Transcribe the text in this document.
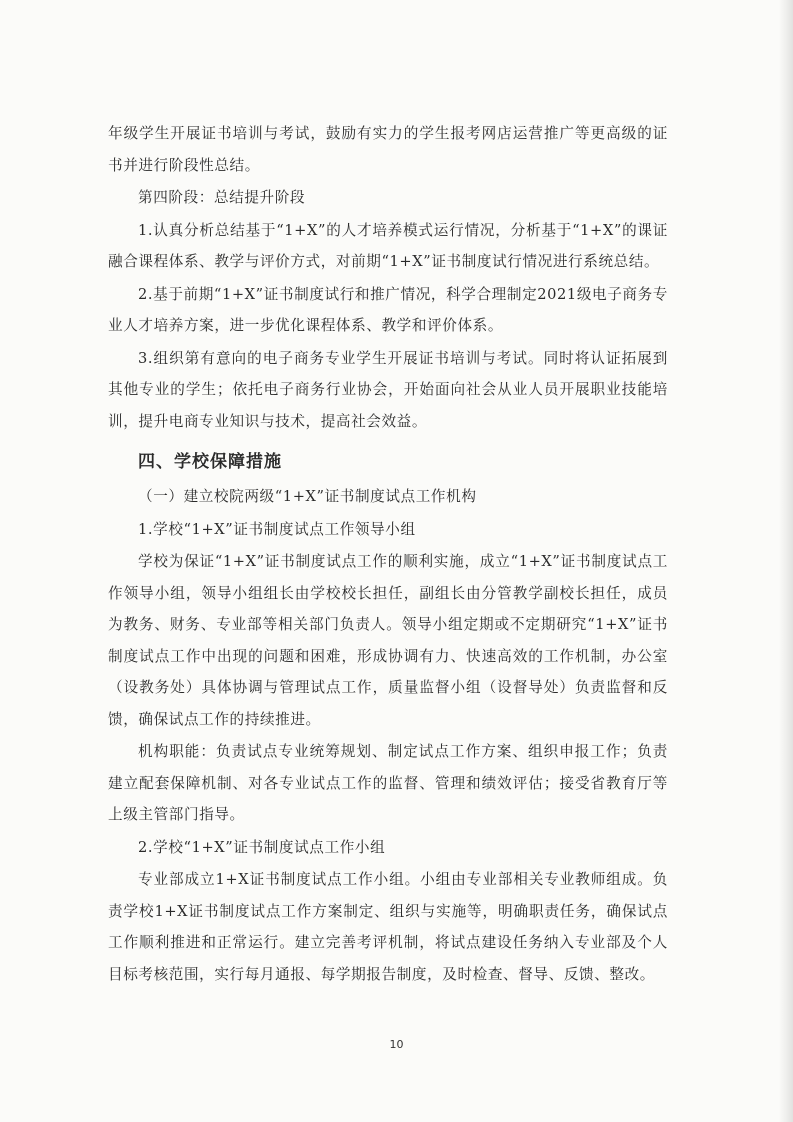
年级学生开展证书培训与考试，鼓励有实力的学生报考网店运营推广等更高级的证书并进行阶段性总结。

第四阶段：总结提升阶段

1.认真分析总结基于“1+X”的人才培养模式运行情况，分析基于“1+X”的课证融合课程体系、教学与评价方式，对前期“1+X”证书制度试行情况进行系统总结。

2.基于前期“1+X”证书制度试行和推广情况，科学合理制定2021级电子商务专业人才培养方案，进一步优化课程体系、教学和评价体系。

3.组织第有意向的电子商务专业学生开展证书培训与考试。同时将认证拓展到其他专业的学生；依托电子商务行业协会，开始面向社会从业人员开展职业技能培训，提升电商专业知识与技术，提高社会效益。

四、学校保障措施

（一）建立校院两级“1+X”证书制度试点工作机构

1.学校“1+X”证书制度试点工作领导小组

学校为保证“1+X”证书制度试点工作的顺利实施，成立“1+X”证书制度试点工作领导小组，领导小组组长由学校校长担任，副组长由分管教学副校长担任，成员为教务、财务、专业部等相关部门负责人。领导小组定期或不定期研究“1+X”证书制度试点工作中出现的问题和困难，形成协调有力、快速高效的工作机制，办公室（设教务处）具体协调与管理试点工作，质量监督小组（设督导处）负责监督和反馈，确保试点工作的持续推进。

机构职能：负责试点专业统筹规划、制定试点工作方案、组织申报工作；负责建立配套保障机制、对各专业试点工作的监督、管理和绩效评估；接受省教育厅等上级主管部门指导。

2.学校“1+X”证书制度试点工作小组

专业部成立1+X证书制度试点工作小组。小组由专业部相关专业教师组成。负责学校1+X证书制度试点工作方案制定、组织与实施等，明确职责任务，确保试点工作顺利推进和正常运行。建立完善考评机制，将试点建设任务纳入专业部及个人目标考核范围，实行每月通报、每学期报告制度，及时检查、督导、反馈、整改。

10
